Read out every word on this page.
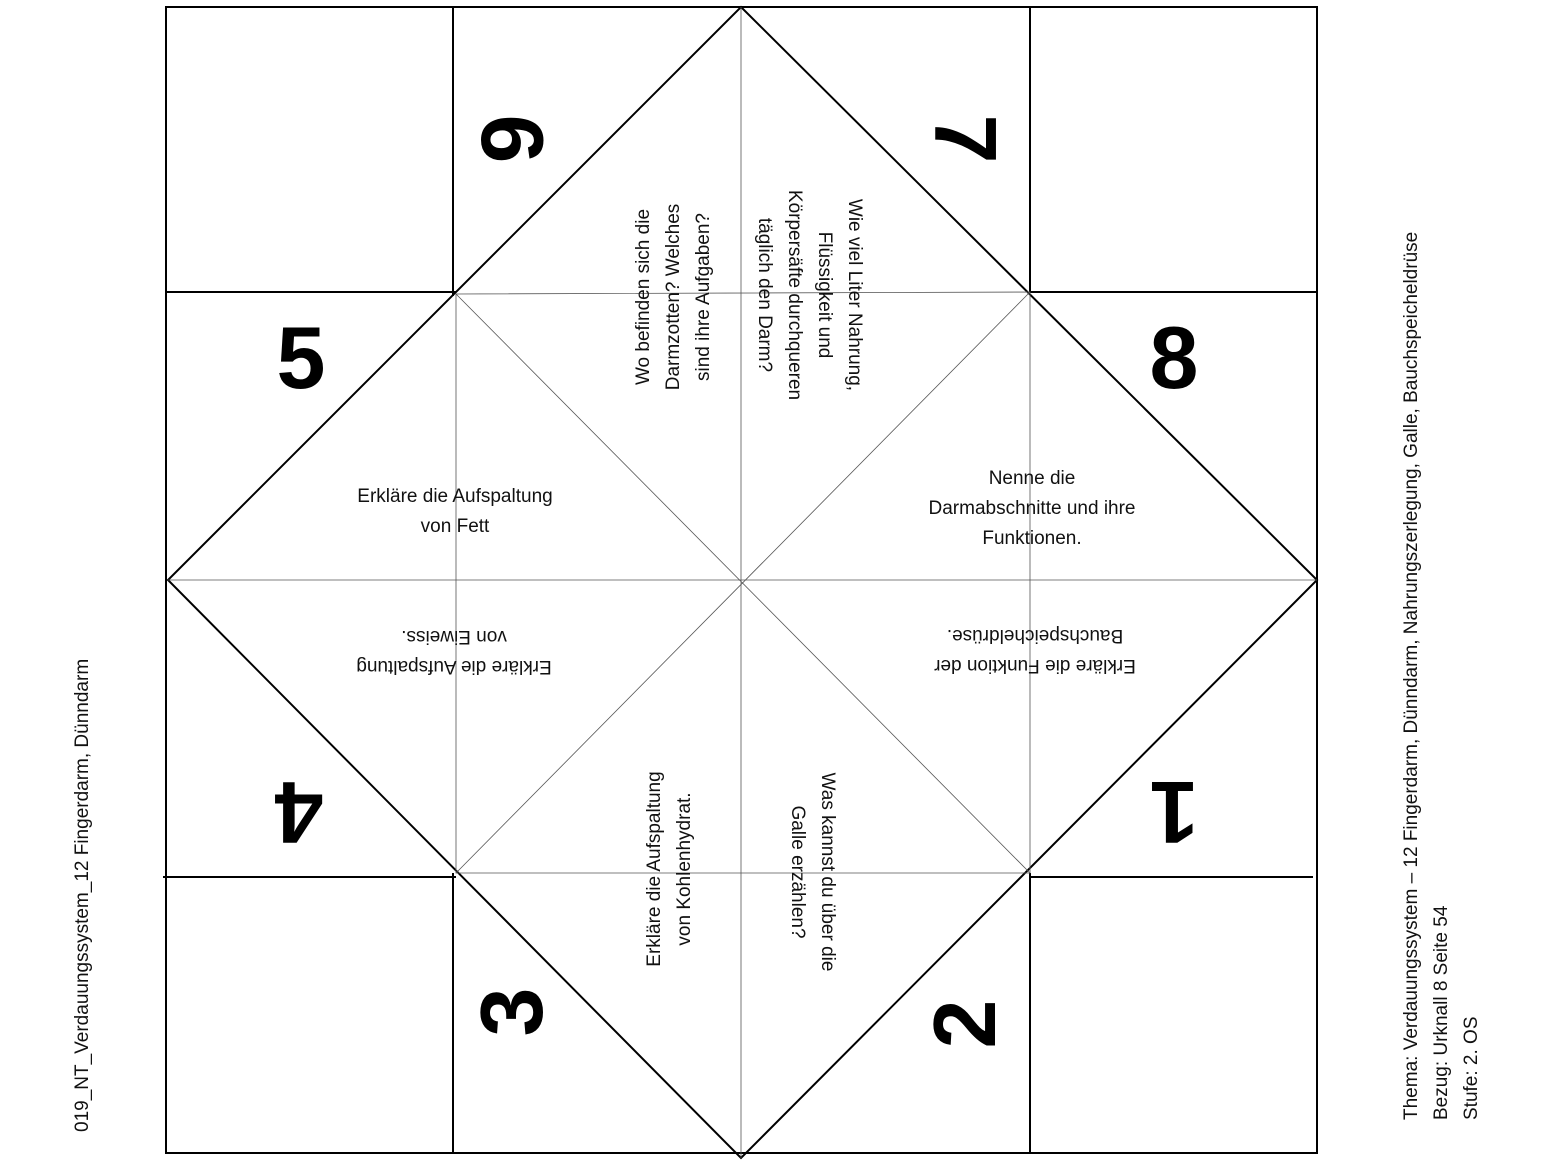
6	7
5	8
4	1
3	2
Wie viel Liter Nahrung,
Flüssigkeit und
Körpersäfte durchqueren
täglich den Darm?
Nenne die
Darmabschnitte und ihre
Funktionen.
Erkläre die Funktion der
Bauchspeicheldrüse.
Was kannst du über die
Galle erzählen?
Erkläre die Aufspaltung
von Kohlenhydrat.
Erkläre die Aufspaltung
von Eiweiss.
Erkläre die Aufspaltung
von Fett
Wo befinden sich die
Darmzotten? Welches
sind ihre Aufgaben?
019_NT_Verdauungssystem_12 Fingerdarm, Dünndarm	Thema: Verdauungssystem – 12 Fingerdarm, Dünndarm, Nahrungszerlegung, Galle, Bauchspeicheldrüse Bezug: Urknall 8 Seite 54 Stufe: 2. OS
